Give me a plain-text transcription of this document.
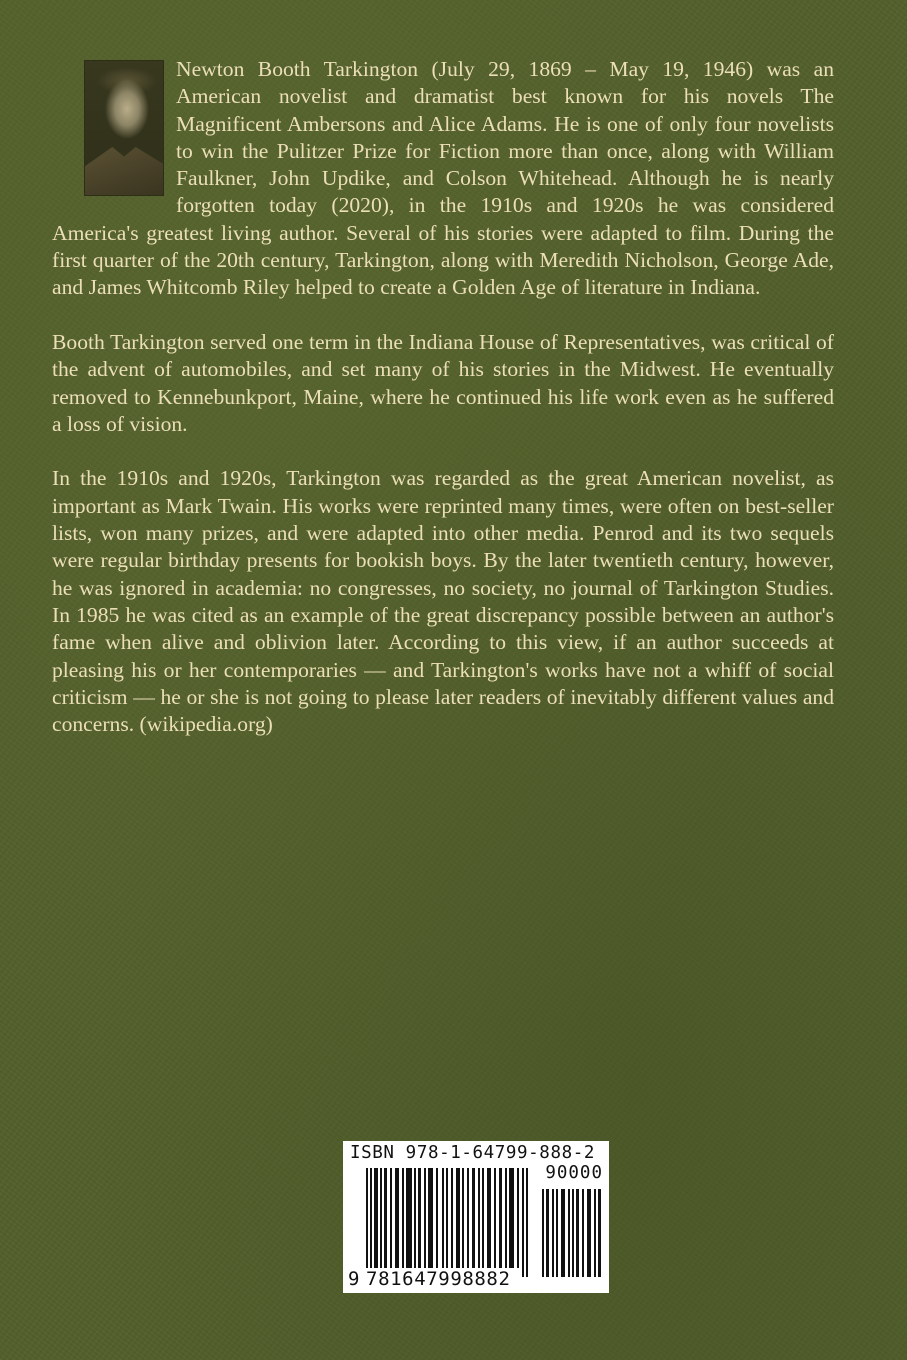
Newton Booth Tarkington (July 29, 1869 – May 19, 1946) was an American novelist and dramatist best known for his novels The Magnificent Ambersons and Alice Adams. He is one of only four novelists to win the Pulitzer Prize for Fiction more than once, along with William Faulkner, John Updike, and Colson Whitehead. Although he is nearly forgotten today (2020), in the 1910s and 1920s he was considered America's greatest living author. Several of his stories were adapted to film. During the first quarter of the 20th century, Tarkington, along with Meredith Nicholson, George Ade, and James Whitcomb Riley helped to create a Golden Age of literature in Indiana.

Booth Tarkington served one term in the Indiana House of Representatives, was critical of the advent of automobiles, and set many of his stories in the Midwest. He eventually removed to Kennebunkport, Maine, where he continued his life work even as he suffered a loss of vision.

In the 1910s and 1920s, Tarkington was regarded as the great American novelist, as important as Mark Twain. His works were reprinted many times, were often on best-seller lists, won many prizes, and were adapted into other media. Penrod and its two sequels were regular birthday presents for bookish boys. By the later twentieth century, however, he was ignored in academia: no congresses, no society, no journal of Tarkington Studies. In 1985 he was cited as an example of the great discrepancy possible between an author's fame when alive and oblivion later. According to this view, if an author succeeds at pleasing his or her contemporaries — and Tarkington's works have not a whiff of social criticism — he or she is not going to please later readers of inevitably different values and concerns. (wikipedia.org)

ISBN 978-1-64799-888-2
90000
9 781647998882
